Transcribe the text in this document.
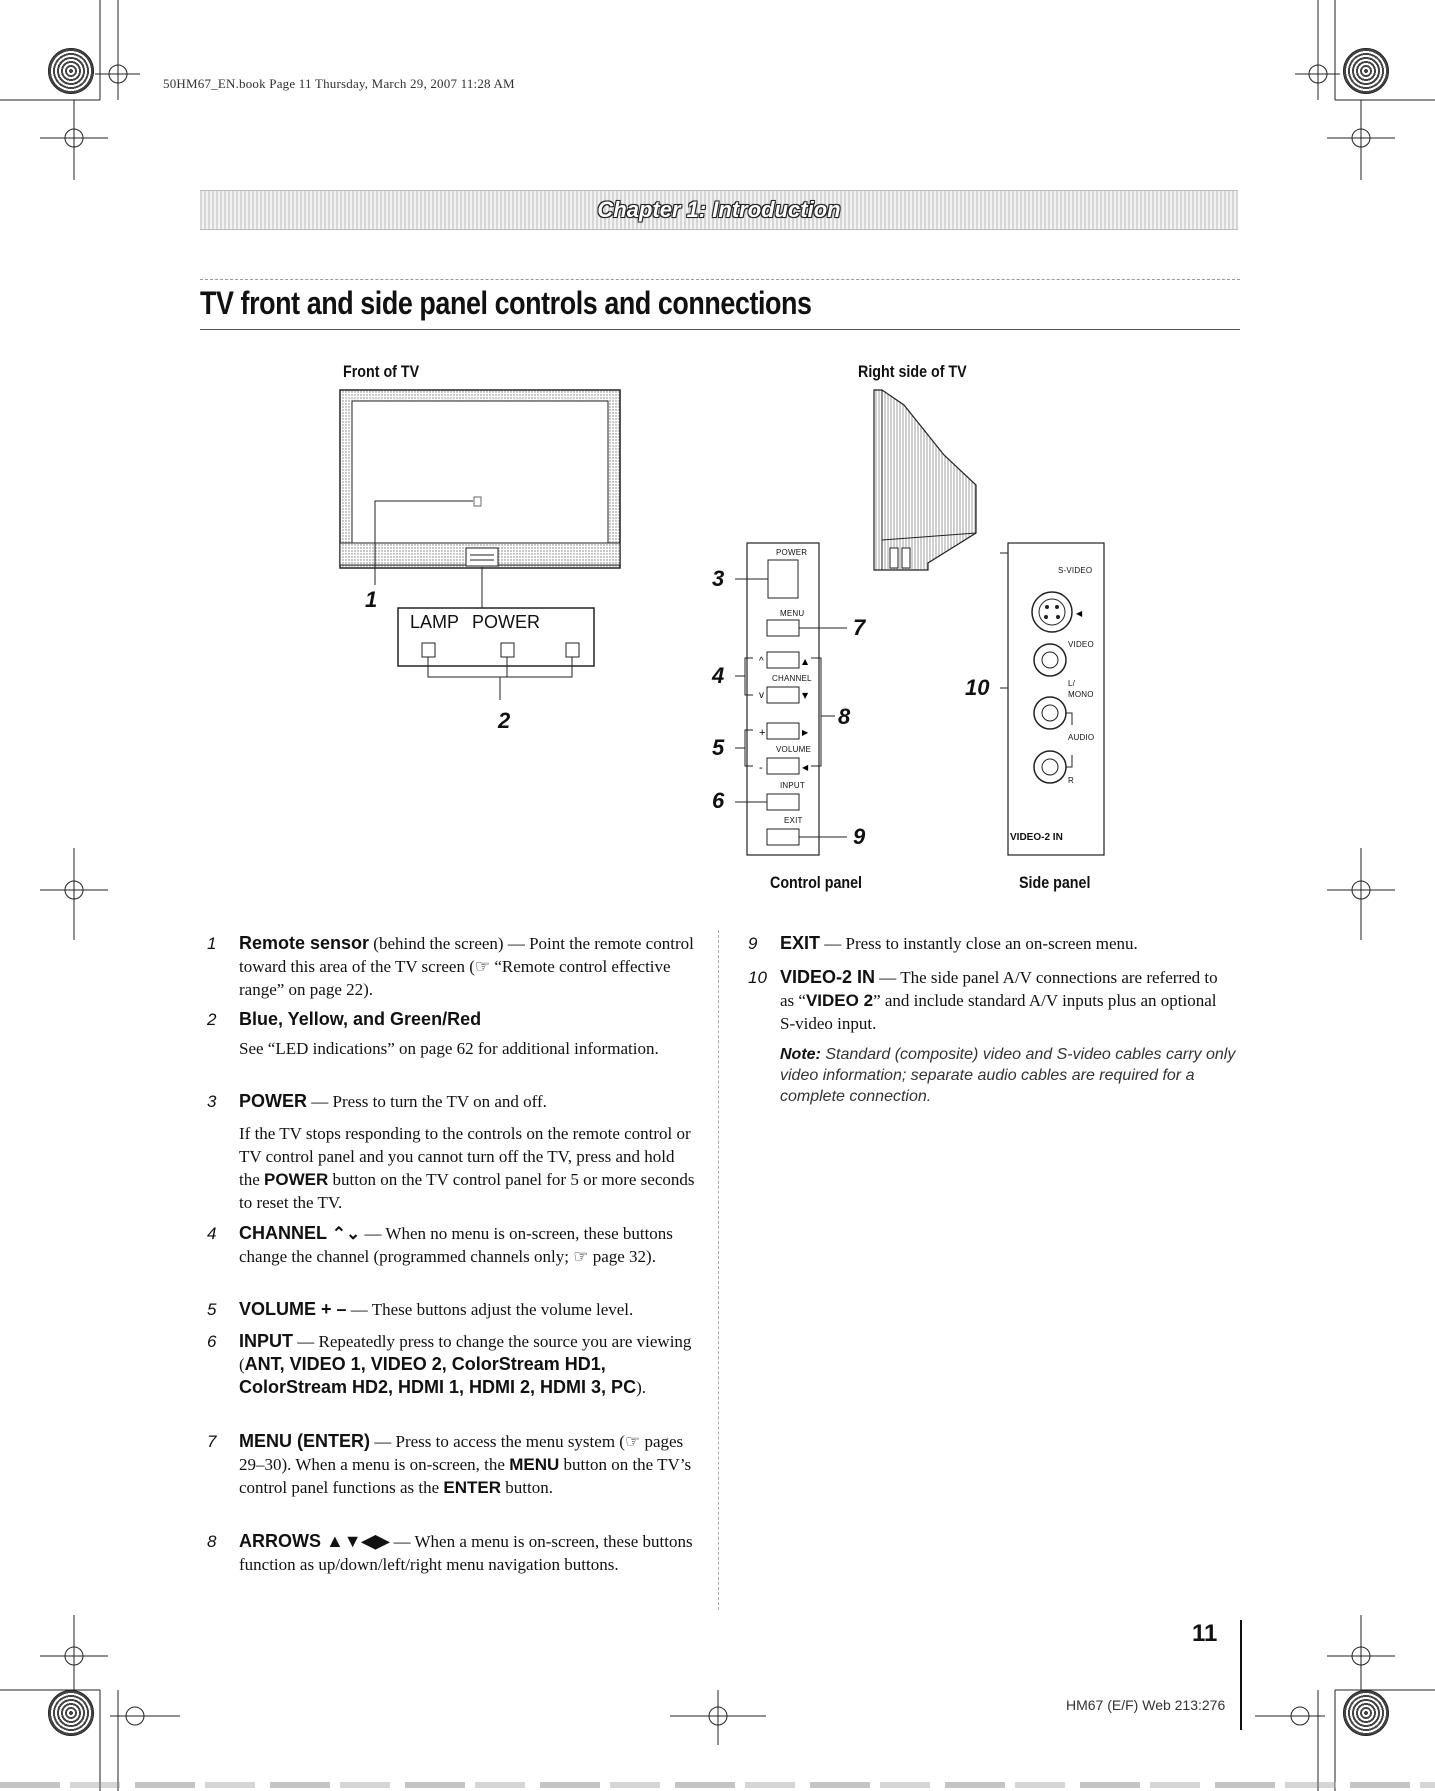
50HM67_EN.book Page 11 Thursday, March 29, 2007 11:28 AM
Chapter 1: Introduction
TV front and side panel controls and connections
Front of TV	Right side of TV
Control panel	Side panel
LAMP POWER
1
2
^
v
+
-
▲
▼
▶
◀
POWER
MENU
CHANNEL
VOLUME
INPUT
EXIT
3
4
5
6
7
8
9
◀
S-VIDEO
VIDEO
L/
MONO
AUDIO
R
VIDEO-2 IN
10
1 Remote sensor (behind the screen) — Point the remote control toward this area of the TV screen (☞ “Remote control effective range” on page 22).
2 Blue, Yellow, and Green/Red
See “LED indications” on page 62 for additional information.
3 POWER — Press to turn the TV on and off.
If the TV stops responding to the controls on the remote control or TV control panel and you cannot turn off the TV, press and hold the POWER button on the TV control panel for 5 or more seconds to reset the TV.
4 CHANNEL ⌃⌄ — When no menu is on-screen, these buttons change the channel (programmed channels only; ☞ page 32).
5 VOLUME + – — These buttons adjust the volume level.
6 INPUT — Repeatedly press to change the source you are viewing (ANT, VIDEO 1, VIDEO 2, ColorStream HD1, ColorStream HD2, HDMI 1, HDMI 2, HDMI 3, PC).
7 MENU (ENTER) — Press to access the menu system (☞ pages 29–30). When a menu is on-screen, the MENU button on the TV’s control panel functions as the ENTER button.
8 ARROWS ▲▼◀▶ — When a menu is on-screen, these buttons function as up/down/left/right menu navigation buttons.
9 EXIT — Press to instantly close an on-screen menu.
10 VIDEO-2 IN — The side panel A/V connections are referred to as “VIDEO 2” and include standard A/V inputs plus an optional S-video input.
Note: Standard (composite) video and S-video cables carry only video information; separate audio cables are required for a complete connection.
11
HM67 (E/F) Web 213:276
